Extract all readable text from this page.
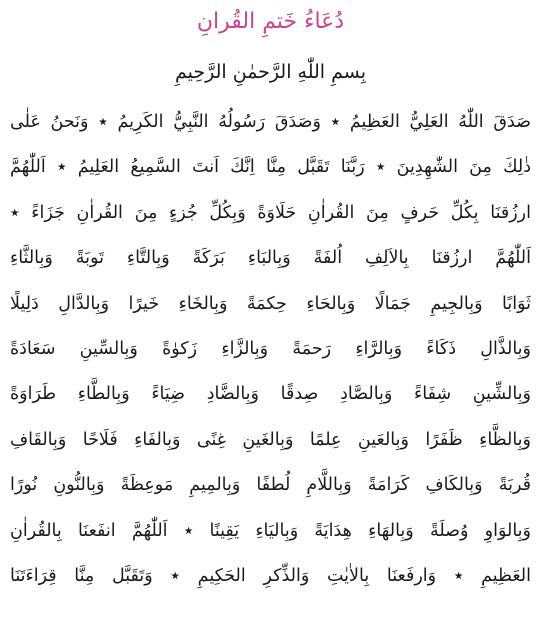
دُعَاءُ خَتمِ القُرانِ
بِسمِ اللّٰهِ الرَّحمٰنِ الرَّحِيمِ
صَدَقَ اللّٰهُ العَلِيُّ العَظِيمُ ٭ وَصَدَقَ رَسُولُهُ النَّبِيُّ الكَرِيمُ ٭ وَنَحنُ عَلٰى
ذٰلِكَ مِنَ الشّٰهِدِينَ ٭ رَبَّنَا تَقَبَّل مِنَّا اِنَّكَ اَنتَ السَّمِيعُ العَلِيمُ ٭ اَللّٰهُمَّ
ارزُقنَا بِكُلِّ حَرفٍ مِنَ القُراٰنِ حَلَاوَةً وَبِكُلِّ جُزءٍ مِنَ القُراٰنِ جَزَاءً ٭
اَللّٰهُمَّ ارزُقنَا بِالاَلِفِ اُلفَةً وَبِالبَاءِ بَرَكَةً وَبِالتَّاءِ تَوبَةً وَبِالثَّاءِ
ثَوَابًا وَبِالجِيمِ جَمَالًا وَبِالحَاءِ حِكمَةً وَبِالخَاءِ خَيرًا وَبِالدَّالِ دَلِيلًا
وَبِالذَّالِ ذَكَاءً وَبِالرَّاءِ رَحمَةً وَبِالزَّاءِ زَكوٰةً وَبِالسِّينِ سَعَادَةً
وَبِالشِّينِ شِفَاءً وَبِالصَّادِ صِدقًا وَبِالضَّادِ ضِيَاءً وَبِالطَّاءِ طَرَاوَةً
وَبِالظَّاءِ ظَفَرًا وَبِالعَينِ عِلمًا وَبِالغَينِ غِنًى وَبِالفَاءِ فَلَاحًا وَبِالقَافِ
قُربَةً وَبِالكَافِ كَرَامَةً وَبِاللَّامِ لُطفًا وَبِالمِيمِ مَوعِظَةً وَبِالنُّونِ نُورًا
وَبِالوَاوِ وُصلَةً وَبِالهَاءِ هِدَايَةً وَبِاليَاءِ يَقِينًا ٭ اَللّٰهُمَّ انفَعنَا بِالقُراٰنِ
العَظِيمِ ٭ وَارفَعنَا بِالاٰيٰتِ وَالذِّكرِ الحَكِيمِ ٭ وَتَقَبَّل مِنَّا قِرَاءَتَنَا
